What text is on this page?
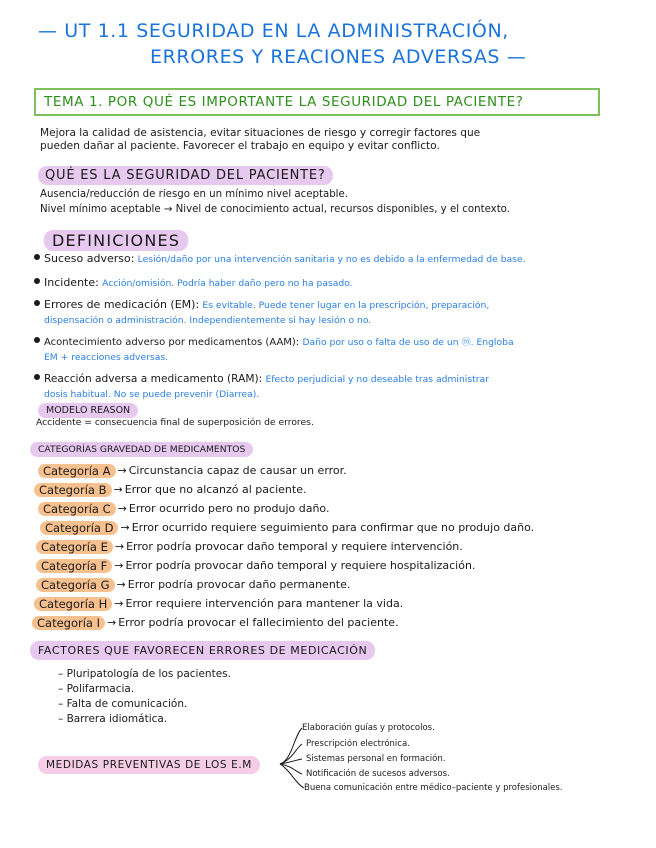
— UT 1.1 SEGURIDAD EN LA ADMINISTRACIÓN,
ERRORES Y REACIONES ADVERSAS —
TEMA 1. POR QUÉ ES IMPORTANTE LA SEGURIDAD DEL PACIENTE?
Mejora la calidad de asistencia, evitar situaciones de riesgo y corregir factores que
pueden dañar al paciente. Favorecer el trabajo en equipo y evitar conflicto.
QUÉ ES LA SEGURIDAD DEL PACIENTE?
Ausencia/reducción de riesgo en un mínimo nivel aceptable.
Nivel mínimo aceptable → Nivel de conocimiento actual, recursos disponibles, y el contexto.
DEFINICIONES
Suceso adverso:
Lesión/daño por una intervención sanitaria y no es debido a la enfermedad de base.
Incidente:
Acción/omisión. Podría haber daño pero no ha pasado.
Errores de medicación (EM):
Es evitable. Puede tener lugar en la prescripción, preparación,
dispensación o administración. Independientemente si hay lesión o no.
Acontecimiento adverso por medicamentos (AAM):
Daño por uso o falta de uso de un ⓜ. Engloba
EM + reacciones adversas.
Reacción adversa a medicamento (RAM):
Efecto perjudicial y no deseable tras administrar
dosis habitual. No se puede prevenir (Diarrea).
MODELO REASON
Accidente = consecuencia final de superposición de errores.
CATEGORÍAS GRAVEDAD DE MEDICAMENTOS
Categoría A → Circunstancia capaz de causar un error.
Categoría B → Error que no alcanzó al paciente.
Categoría C → Error ocurrido pero no produjo daño.
Categoría D → Error ocurrido requiere seguimiento para confirmar que no produjo daño.
Categoría E → Error podría provocar daño temporal y requiere intervención.
Categoría F → Error podría provocar daño temporal y requiere hospitalización.
Categoría G → Error podría provocar daño permanente.
Categoría H → Error requiere intervención para mantener la vida.
Categoría I → Error podría provocar el fallecimiento del paciente.
FACTORES QUE FAVORECEN ERRORES DE MEDICACIÓN
– Pluripatología de los pacientes.
– Polifarmacia.
– Falta de comunicación.
– Barrera idiomática.
MEDIDAS PREVENTIVAS DE LOS E.M
Elaboración guías y protocolos.
Prescripción electrónica.
Sistemas personal en formación.
Notificación de sucesos adversos.
Buena comunicación entre médico–paciente y profesionales.
